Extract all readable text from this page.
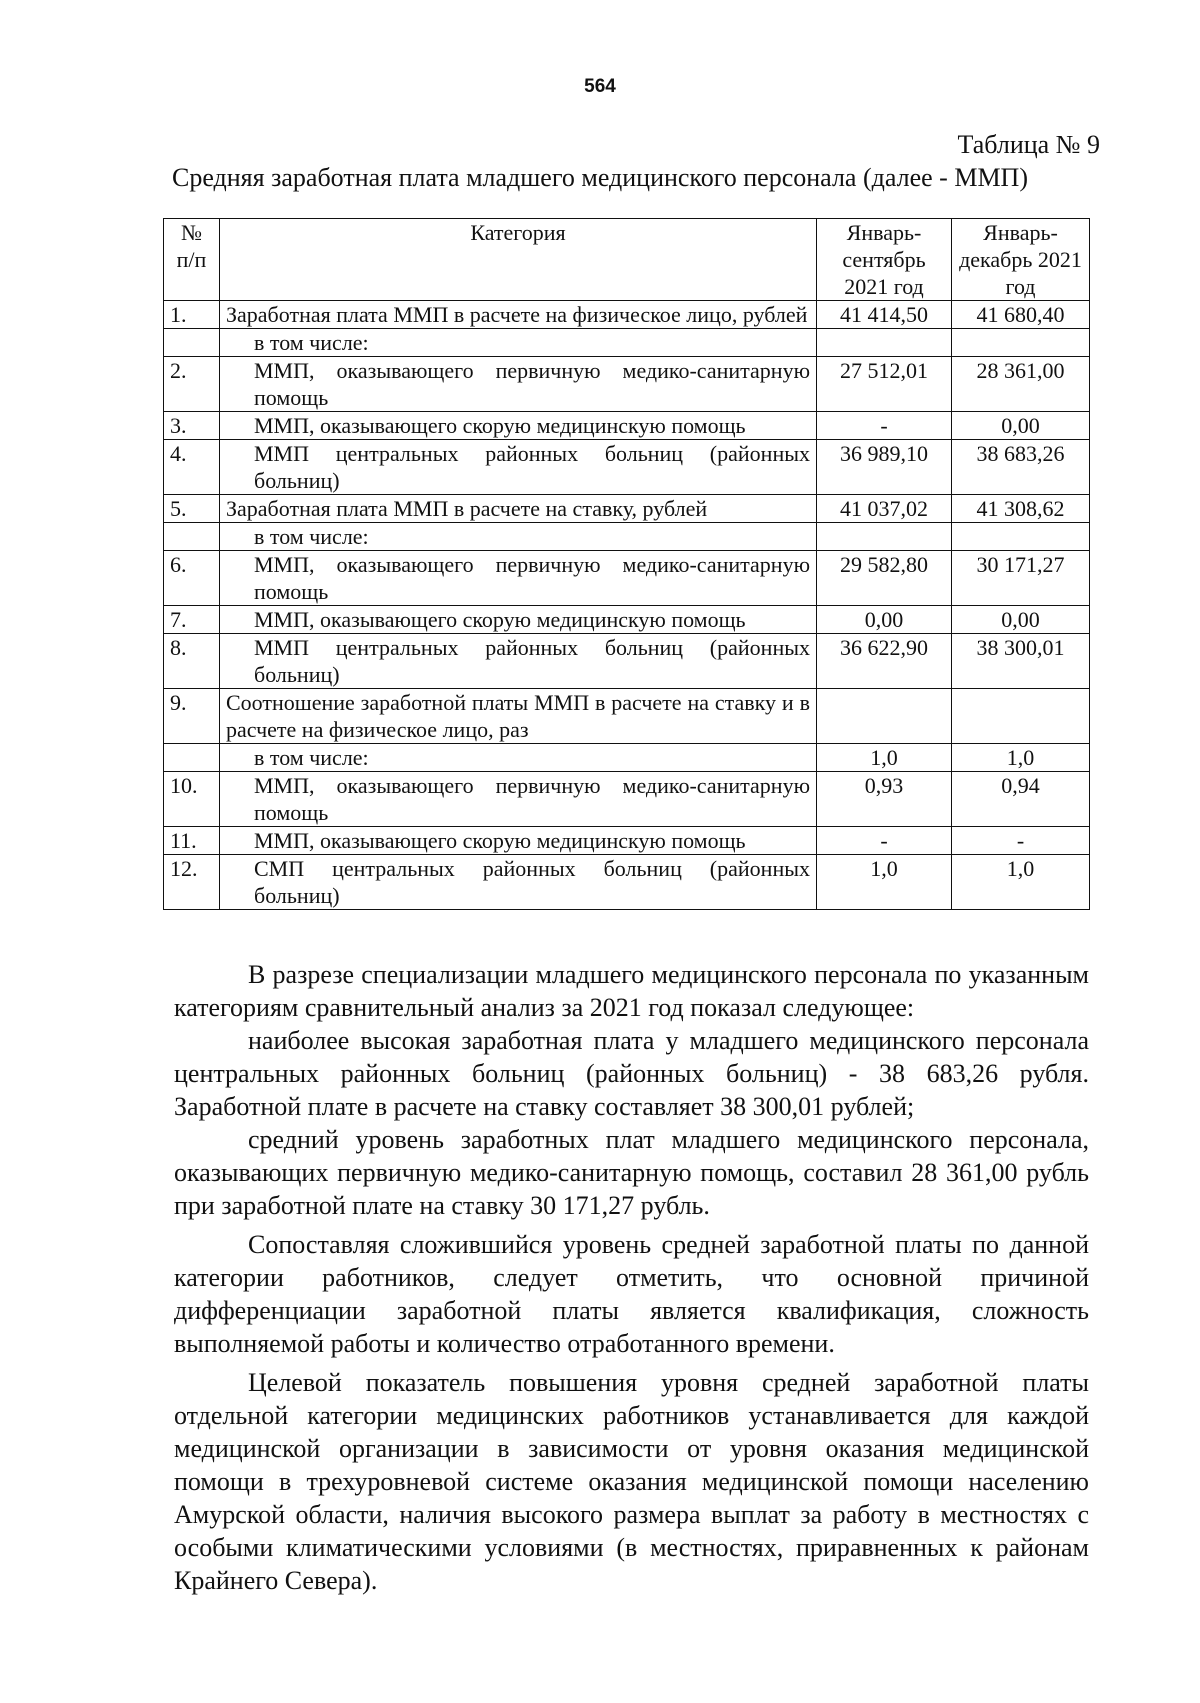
564
Таблица № 9
Средняя заработная плата младшего медицинского персонала (далее - ММП)
№ п/п	Категория	Январь-сентябрь 2021 год	Январь-декабрь 2021 год
1.	Заработная плата ММП в расчете на физическое лицо, рублей	41 414,50	41 680,40
	в том числе:		
2.	ММП, оказывающего первичную медико-санитарную помощь	27 512,01	28 361,00
3.	ММП, оказывающего скорую медицинскую помощь	-	0,00
4.	ММП центральных районных больниц (районных больниц)	36 989,10	38 683,26
5.	Заработная плата ММП в расчете на ставку, рублей	41 037,02	41 308,62
	в том числе:		
6.	ММП, оказывающего первичную медико-санитарную помощь	29 582,80	30 171,27
7.	ММП, оказывающего скорую медицинскую помощь	0,00	0,00
8.	ММП центральных районных больниц (районных больниц)	36 622,90	38 300,01
9.	Соотношение заработной платы ММП в расчете на ставку и в расчете на физическое лицо, раз		
	в том числе:	1,0	1,0
10.	ММП, оказывающего первичную медико-санитарную помощь	0,93	0,94
11.	ММП, оказывающего скорую медицинскую помощь	-	-
12.	СМП центральных районных больниц (районных больниц)	1,0	1,0

В разрезе специализации младшего медицинского персонала по указанным категориям сравнительный анализ за 2021 год показал следующее:

наиболее высокая заработная плата у младшего медицинского персонала центральных районных больниц (районных больниц) - 38 683,26 рубля. Заработной плате в расчете на ставку составляет 38 300,01 рублей;

средний уровень заработных плат младшего медицинского персонала, оказывающих первичную медико-санитарную помощь, составил 28 361,00 рубль при заработной плате на ставку 30 171,27 рубль.

Сопоставляя сложившийся уровень средней заработной платы по данной категории работников, следует отметить, что основной причиной дифференциации заработной платы является квалификация, сложность выполняемой работы и количество отработанного времени.

Целевой показатель повышения уровня средней заработной платы отдельной категории медицинских работников устанавливается для каждой медицинской организации в зависимости от уровня оказания медицинской помощи в трехуровневой системе оказания медицинской помощи населению Амурской области, наличия высокого размера выплат за работу в местностях с особыми климатическими условиями (в местностях, приравненных к районам Крайнего Севера).
